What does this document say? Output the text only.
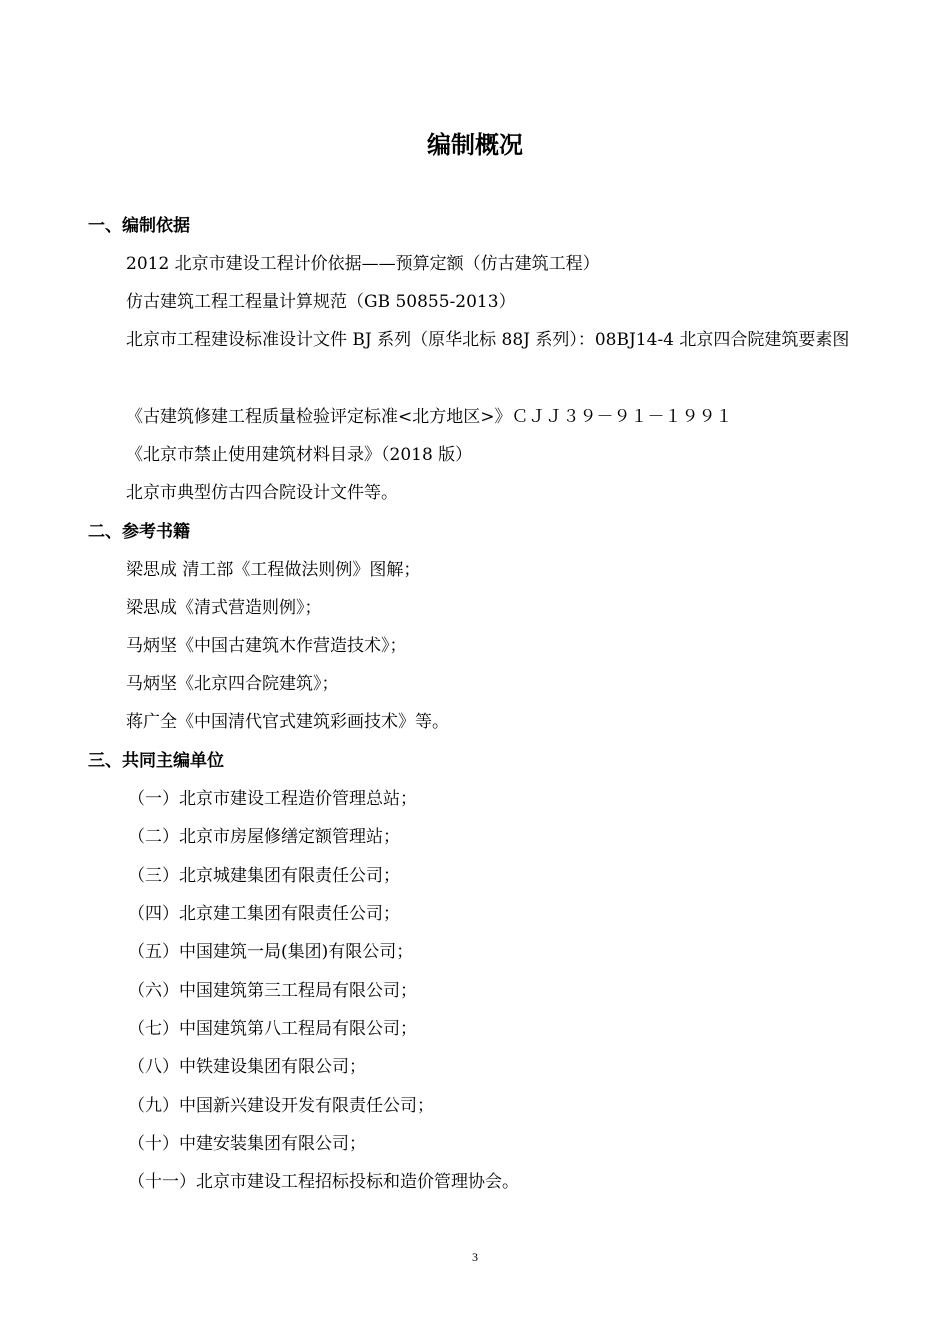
编制概况
一、编制依据
2012 北京市建设工程计价依据——预算定额（仿古建筑工程）
仿古建筑工程工程量计算规范（GB 50855-2013）
北京市工程建设标准设计文件 BJ 系列（原华北标 88J 系列）：08BJ14-4 北京四合院建筑要素图
《古建筑修建工程质量检验评定标准<北方地区>》ＣＪＪ３９－９１－１９９１
《北京市禁止使用建筑材料目录》（2018 版）
北京市典型仿古四合院设计文件等。
二、参考书籍
梁思成 清工部《工程做法则例》图解；
梁思成《清式营造则例》；
马炳坚《中国古建筑木作营造技术》；
马炳坚《北京四合院建筑》；
蒋广全《中国清代官式建筑彩画技术》等。
三、共同主编单位
（一）北京市建设工程造价管理总站；
（二）北京市房屋修缮定额管理站；
（三）北京城建集团有限责任公司；
（四）北京建工集团有限责任公司；
（五）中国建筑一局(集团)有限公司；
（六）中国建筑第三工程局有限公司；
（七）中国建筑第八工程局有限公司；
（八）中铁建设集团有限公司；
（九）中国新兴建设开发有限责任公司；
（十）中建安装集团有限公司；
（十一）北京市建设工程招标投标和造价管理协会。
3
